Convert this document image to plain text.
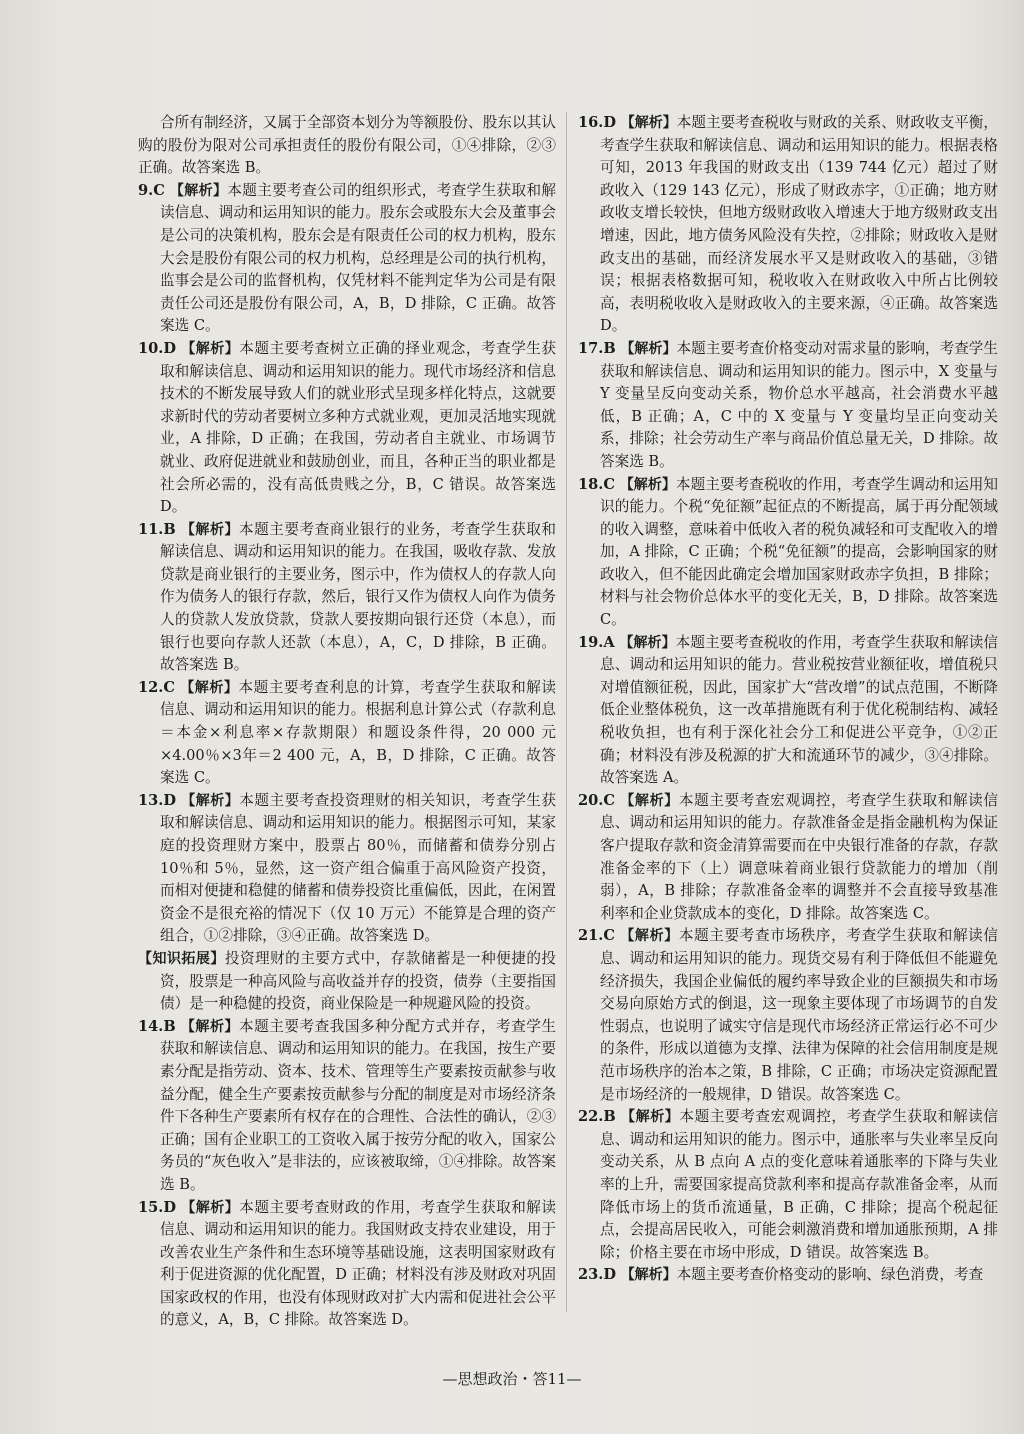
合所有制经济，又属于全部资本划分为等额股份、股东以其认购的股份为限对公司承担责任的股份有限公司，①④排除，②③正确。故答案选 B。

9.C 【解析】本题主要考查公司的组织形式，考查学生获取和解读信息、调动和运用知识的能力。股东会或股东大会及董事会是公司的决策机构，股东会是有限责任公司的权力机构，股东大会是股份有限公司的权力机构，总经理是公司的执行机构，监事会是公司的监督机构，仅凭材料不能判定华为公司是有限责任公司还是股份有限公司，A，B，D 排除，C 正确。故答案选 C。

10.D 【解析】本题主要考查树立正确的择业观念，考查学生获取和解读信息、调动和运用知识的能力。现代市场经济和信息技术的不断发展导致人们的就业形式呈现多样化特点，这就要求新时代的劳动者要树立多种方式就业观，更加灵活地实现就业，A 排除，D 正确；在我国，劳动者自主就业、市场调节就业、政府促进就业和鼓励创业，而且，各种正当的职业都是社会所必需的，没有高低贵贱之分，B，C 错误。故答案选 D。

11.B 【解析】本题主要考查商业银行的业务，考查学生获取和解读信息、调动和运用知识的能力。在我国，吸收存款、发放贷款是商业银行的主要业务，图示中，作为债权人的存款人向作为债务人的银行存款，然后，银行又作为债权人向作为债务人的贷款人发放贷款，贷款人要按期向银行还贷（本息），而银行也要向存款人还款（本息），A，C，D 排除，B 正确。故答案选 B。

12.C 【解析】本题主要考查利息的计算，考查学生获取和解读信息、调动和运用知识的能力。根据利息计算公式（存款利息＝本金×利息率×存款期限）和题设条件得，20 000 元×4.00％×3年＝2 400 元，A，B，D 排除，C 正确。故答案选 C。

13.D 【解析】本题主要考查投资理财的相关知识，考查学生获取和解读信息、调动和运用知识的能力。根据图示可知，某家庭的投资理财方案中，股票占 80％，而储蓄和债券分别占 10％和 5％，显然，这一资产组合偏重于高风险资产投资，而相对便捷和稳健的储蓄和债券投资比重偏低，因此，在闲置资金不是很充裕的情况下（仅 10 万元）不能算是合理的资产组合，①②排除，③④正确。故答案选 D。

【知识拓展】投资理财的主要方式中，存款储蓄是一种便捷的投资，股票是一种高风险与高收益并存的投资，债券（主要指国债）是一种稳健的投资，商业保险是一种规避风险的投资。

14.B 【解析】本题主要考查我国多种分配方式并存，考查学生获取和解读信息、调动和运用知识的能力。在我国，按生产要素分配是指劳动、资本、技术、管理等生产要素按贡献参与收益分配，健全生产要素按贡献参与分配的制度是对市场经济条件下各种生产要素所有权存在的合理性、合法性的确认，②③正确；国有企业职工的工资收入属于按劳分配的收入，国家公务员的“灰色收入”是非法的，应该被取缔，①④排除。故答案选 B。

15.D 【解析】本题主要考查财政的作用，考查学生获取和解读信息、调动和运用知识的能力。我国财政支持农业建设，用于改善农业生产条件和生态环境等基础设施，这表明国家财政有利于促进资源的优化配置，D 正确；材料没有涉及财政对巩固国家政权的作用，也没有体现财政对扩大内需和促进社会公平的意义，A，B，C 排除。故答案选 D。

16.D 【解析】本题主要考查税收与财政的关系、财政收支平衡，考查学生获取和解读信息、调动和运用知识的能力。根据表格可知，2013 年我国的财政支出（139 744 亿元）超过了财政收入（129 143 亿元），形成了财政赤字，①正确；地方财政收支增长较快，但地方级财政收入增速大于地方级财政支出增速，因此，地方债务风险没有失控，②排除；财政收入是财政支出的基础，而经济发展水平又是财政收入的基础，③错误；根据表格数据可知，税收收入在财政收入中所占比例较高，表明税收收入是财政收入的主要来源，④正确。故答案选 D。

17.B 【解析】本题主要考查价格变动对需求量的影响，考查学生获取和解读信息、调动和运用知识的能力。图示中，X 变量与 Y 变量呈反向变动关系，物价总水平越高，社会消费水平越低，B 正确；A，C 中的 X 变量与 Y 变量均呈正向变动关系，排除；社会劳动生产率与商品价值总量无关，D 排除。故答案选 B。

18.C 【解析】本题主要考查税收的作用，考查学生调动和运用知识的能力。个税“免征额”起征点的不断提高，属于再分配领域的收入调整，意味着中低收入者的税负减轻和可支配收入的增加，A 排除，C 正确；个税“免征额”的提高，会影响国家的财政收入，但不能因此确定会增加国家财政赤字负担，B 排除；材料与社会物价总体水平的变化无关，B，D 排除。故答案选 C。

19.A 【解析】本题主要考查税收的作用，考查学生获取和解读信息、调动和运用知识的能力。营业税按营业额征收，增值税只对增值额征税，因此，国家扩大“营改增”的试点范围，不断降低企业整体税负，这一改革措施既有利于优化税制结构、减轻税收负担，也有利于深化社会分工和促进公平竞争，①②正确；材料没有涉及税源的扩大和流通环节的减少，③④排除。故答案选 A。

20.C 【解析】本题主要考查宏观调控，考查学生获取和解读信息、调动和运用知识的能力。存款准备金是指金融机构为保证客户提取存款和资金清算需要而在中央银行准备的存款，存款准备金率的下（上）调意味着商业银行贷款能力的增加（削弱），A，B 排除；存款准备金率的调整并不会直接导致基准利率和企业贷款成本的变化，D 排除。故答案选 C。

21.C 【解析】本题主要考查市场秩序，考查学生获取和解读信息、调动和运用知识的能力。现货交易有利于降低但不能避免经济损失，我国企业偏低的履约率导致企业的巨额损失和市场交易向原始方式的倒退，这一现象主要体现了市场调节的自发性弱点，也说明了诚实守信是现代市场经济正常运行必不可少的条件，形成以道德为支撑、法律为保障的社会信用制度是规范市场秩序的治本之策，B 排除，C 正确；市场决定资源配置是市场经济的一般规律，D 错误。故答案选 C。

22.B 【解析】本题主要考查宏观调控，考查学生获取和解读信息、调动和运用知识的能力。图示中，通胀率与失业率呈反向变动关系，从 B 点向 A 点的变化意味着通胀率的下降与失业率的上升，需要国家提高贷款利率和提高存款准备金率，从而降低市场上的货币流通量，B 正确，C 排除；提高个税起征点，会提高居民收入，可能会刺激消费和增加通胀预期，A 排除；价格主要在市场中形成，D 错误。故答案选 B。

23.D 【解析】本题主要考查价格变动的影响、绿色消费，考查

—思想政治・答11—
